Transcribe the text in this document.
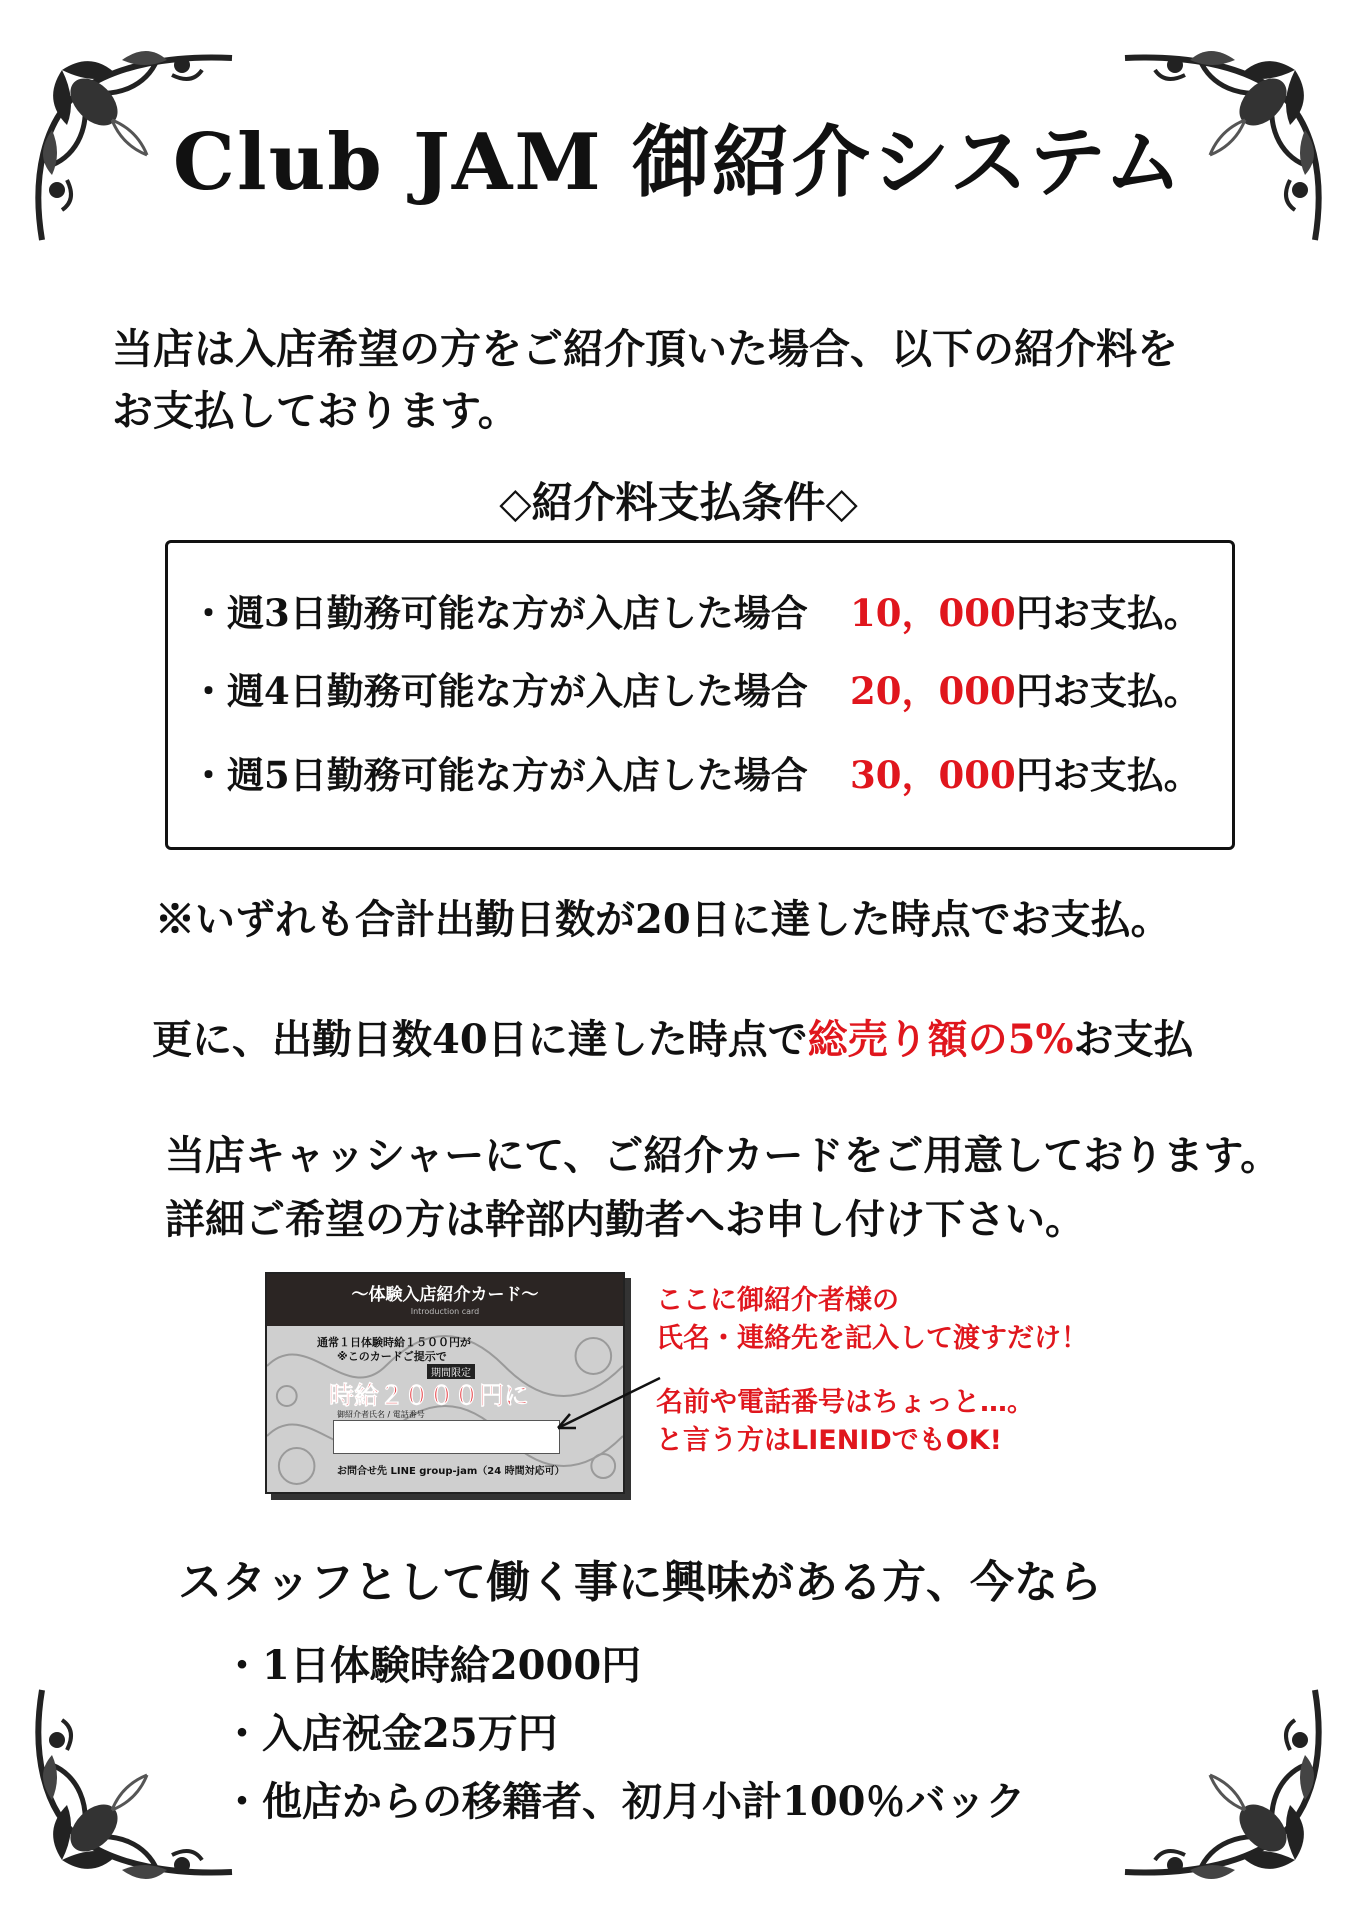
Club JAM 御紹介システム
当店は入店希望の方をご紹介頂いた場合、以下の紹介料を
お支払しております。
◇紹介料支払条件◇
・週3日勤務可能な方が入店した場合 10，000円お支払。
・週4日勤務可能な方が入店した場合 20，000円お支払。
・週5日勤務可能な方が入店した場合 30，000円お支払。
※いずれも合計出勤日数が20日に達した時点でお支払。
更に、出勤日数40日に達した時点で総売り額の5%お支払
当店キャッシャーにて、ご紹介カードをご用意しております。
詳細ご希望の方は幹部内勤者へお申し付け下さい。
～体験入店紹介カード～
Introduction card
通常１日体験時給１５００円が
※このカードご提示で
期間限定
時給２０００円に
御紹介者氏名 / 電話番号
お問合せ先 LINE group-jam（24 時間対応可）
ここに御紹介者様の
氏名・連絡先を記入して渡すだけ！
名前や電話番号はちょっと…。
と言う方はLIENIDでもOK!
スタッフとして働く事に興味がある方、今なら
・1日体験時給2000円
・入店祝金25万円
・他店からの移籍者、初月小計100％バック
